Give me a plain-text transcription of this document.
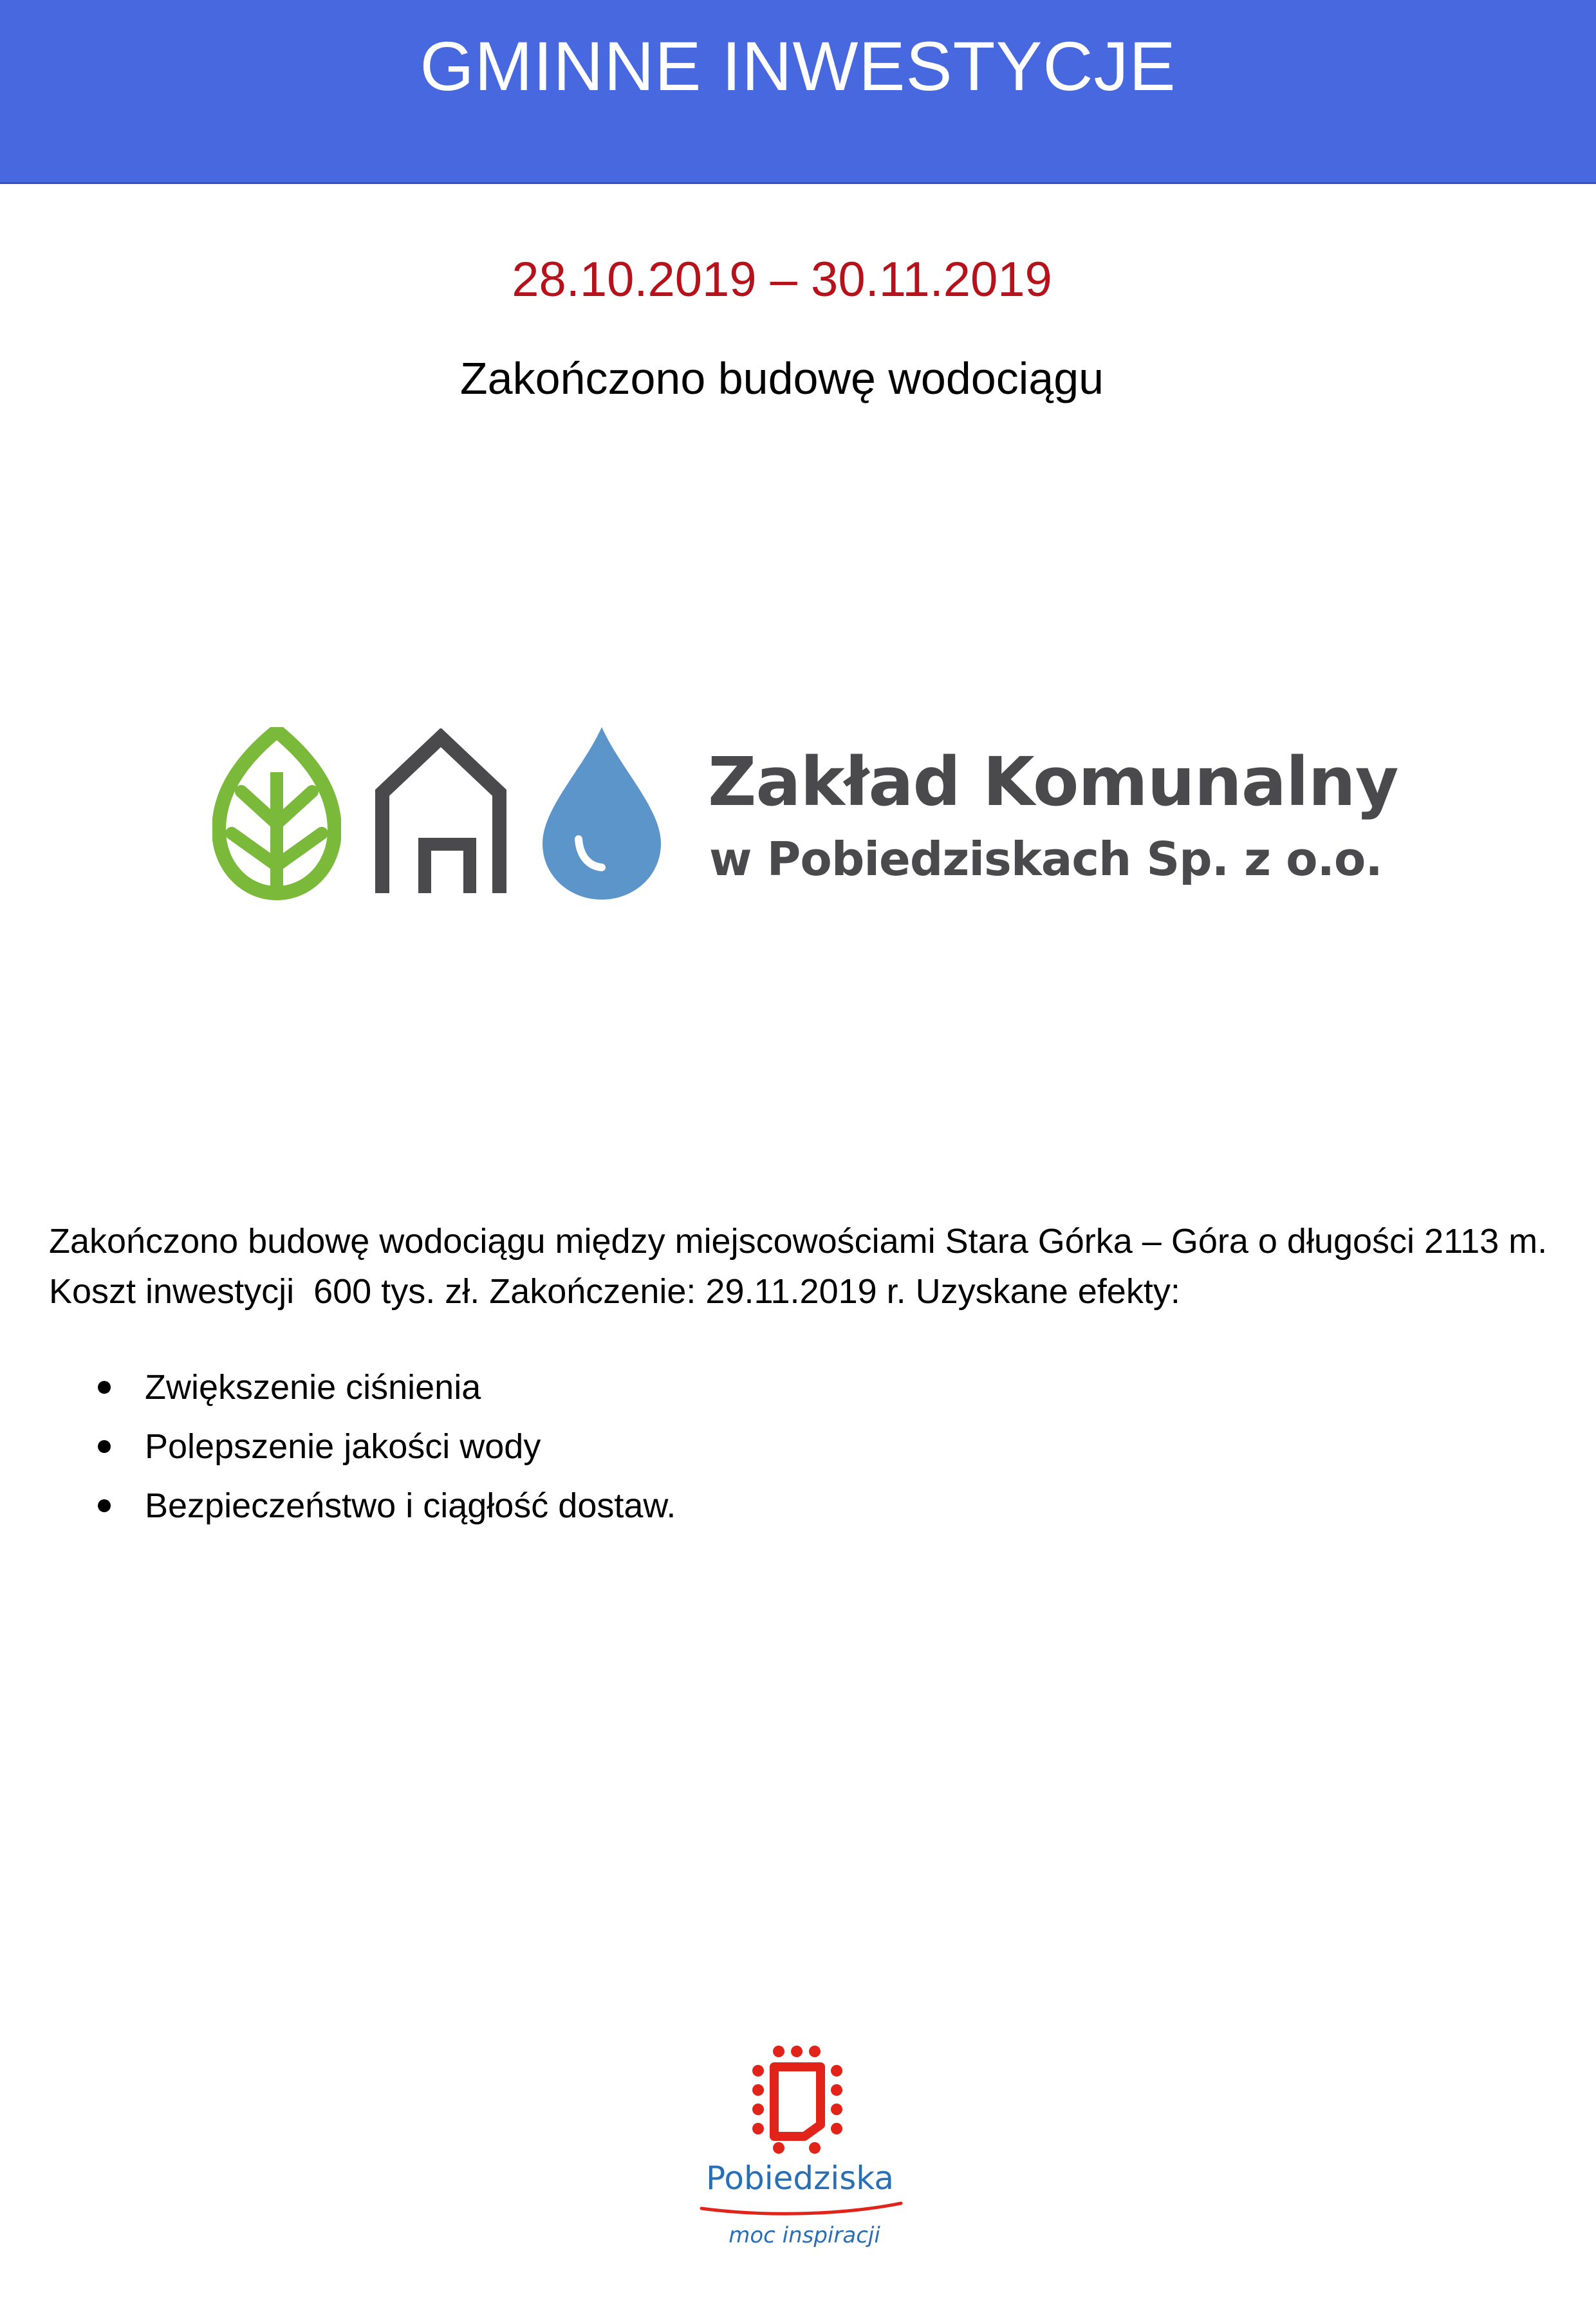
GMINNE INWESTYCJE
28.10.2019 – 30.11.2019
Zakończono budowę wodociągu
Zakład Komunalny
w Pobiedziskach Sp. z o.o.

Zakończono budowę wodociągu między miejscowościami Stara Górka – Góra o długości 2113 m. Koszt inwestycji  600 tys. zł. Zakończenie: 29.11.2019 r. Uzyskane efekty:

Zwiększenie ciśnienia
Polepszenie jakości wody
Bezpieczeństwo i ciągłość dostaw.
Pobiedziska
moc inspiracji
